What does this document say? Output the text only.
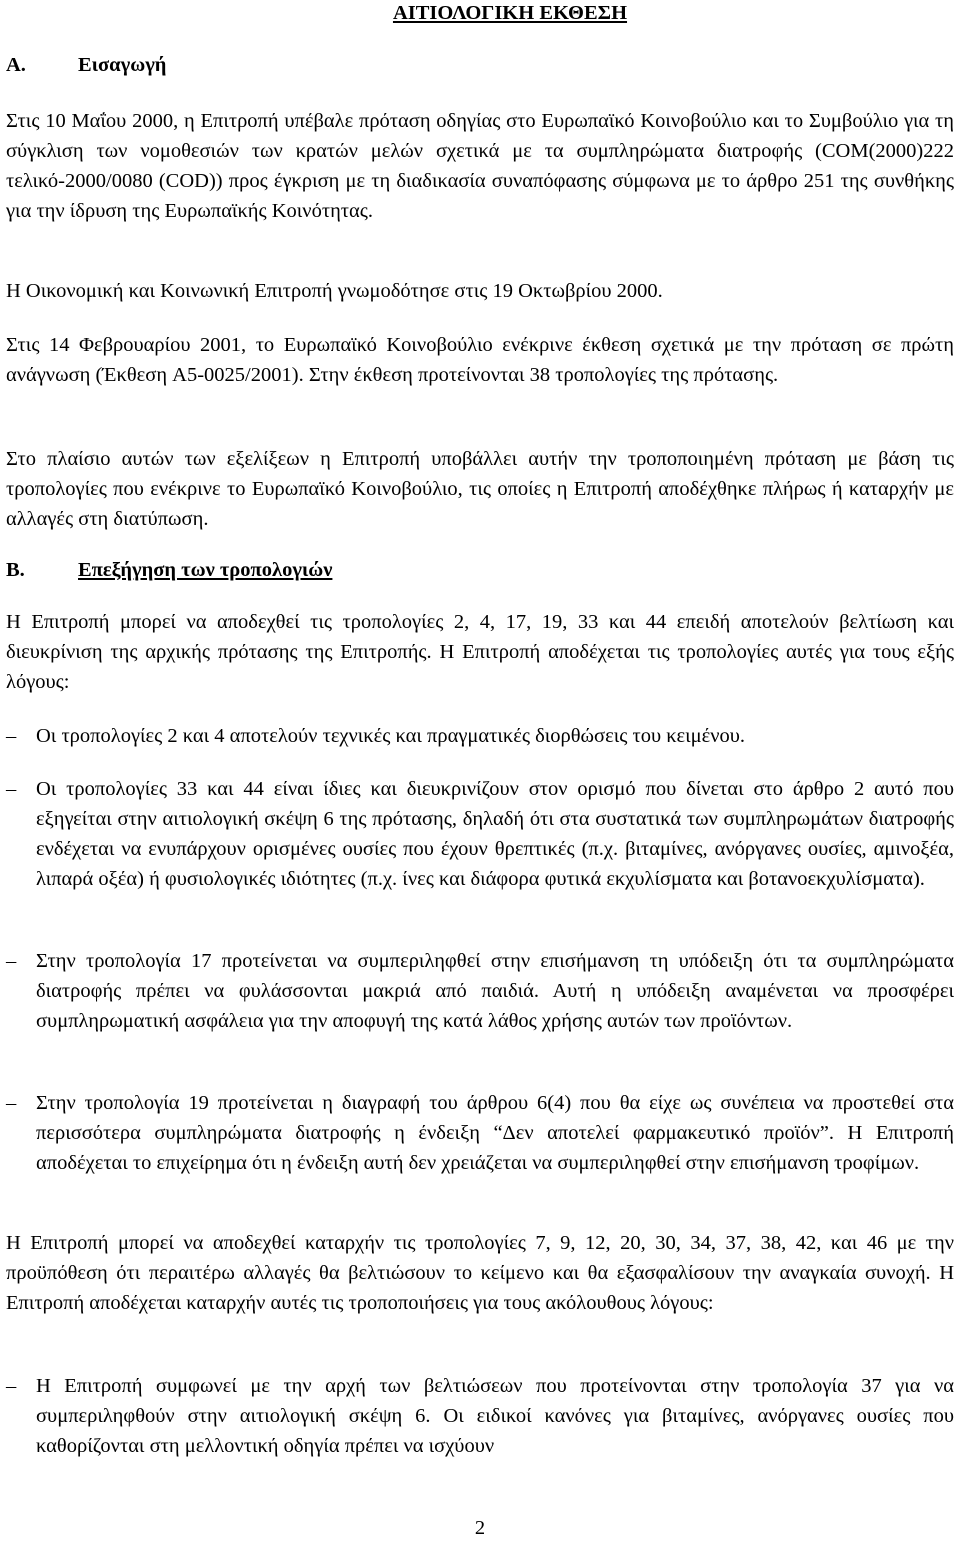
ΑΙΤΙΟΛΟΓΙΚΗ ΕΚΘΕΣΗ
A.	Εισαγωγή

Στις 10 Μαΐου 2000, η Επιτροπή υπέβαλε πρόταση οδηγίας στο Ευρωπαϊκό Κοινοβούλιο και το Συμβούλιο για τη σύγκλιση των νομοθεσιών των κρατών μελών σχετικά με τα συμπληρώματα διατροφής (COM(2000)222 τελικό-2000/0080 (COD)) προς έγκριση με τη διαδικασία συναπόφασης σύμφωνα με το άρθρο 251 της συνθήκης για την ίδρυση της Ευρωπαϊκής Κοινότητας.

Η Οικονομική και Κοινωνική Επιτροπή γνωμοδότησε στις 19 Οκτωβρίου 2000.

Στις 14 Φεβρουαρίου 2001, το Ευρωπαϊκό Κοινοβούλιο ενέκρινε έκθεση σχετικά με την πρόταση σε πρώτη ανάγνωση (Έκθεση A5-0025/2001). Στην έκθεση προτείνονται 38 τροπολογίες της πρότασης.

Στο πλαίσιο αυτών των εξελίξεων η Επιτροπή υποβάλλει αυτήν την τροποποιημένη πρόταση με βάση τις τροπολογίες που ενέκρινε το Ευρωπαϊκό Κοινοβούλιο, τις οποίες η Επιτροπή αποδέχθηκε πλήρως ή καταρχήν με αλλαγές στη διατύπωση.

B.	Επεξήγηση των τροπολογιών

Η Επιτροπή μπορεί να αποδεχθεί τις τροπολογίες 2, 4, 17, 19, 33 και 44 επειδή αποτελούν βελτίωση και διευκρίνιση της αρχικής πρότασης της Επιτροπής. Η Επιτροπή αποδέχεται τις τροπολογίες αυτές για τους εξής λόγους:

– Οι τροπολογίες 2 και 4 αποτελούν τεχνικές και πραγματικές διορθώσεις του κειμένου.

– Οι τροπολογίες 33 και 44 είναι ίδιες και διευκρινίζουν στον ορισμό που δίνεται στο άρθρο 2 αυτό που εξηγείται στην αιτιολογική σκέψη 6 της πρότασης, δηλαδή ότι στα συστατικά των συμπληρωμάτων διατροφής ενδέχεται να ενυπάρχουν ορισμένες ουσίες που έχουν θρεπτικές (π.χ. βιταμίνες, ανόργανες ουσίες, αμινοξέα, λιπαρά οξέα) ή φυσιολογικές ιδιότητες (π.χ. ίνες και διάφορα φυτικά εκχυλίσματα και βοτανοεκχυλίσματα).

– Στην τροπολογία 17 προτείνεται να συμπεριληφθεί στην επισήμανση τη υπόδειξη ότι τα συμπληρώματα διατροφής πρέπει να φυλάσσονται μακριά από παιδιά. Αυτή η υπόδειξη αναμένεται να προσφέρει συμπληρωματική ασφάλεια για την αποφυγή της κατά λάθος χρήσης αυτών των προϊόντων.

– Στην τροπολογία 19 προτείνεται η διαγραφή του άρθρου 6(4) που θα είχε ως συνέπεια να προστεθεί στα περισσότερα συμπληρώματα διατροφής η ένδειξη “Δεν αποτελεί φαρμακευτικό προϊόν”. Η Επιτροπή αποδέχεται το επιχείρημα ότι η ένδειξη αυτή δεν χρειάζεται να συμπεριληφθεί στην επισήμανση τροφίμων.

Η Επιτροπή μπορεί να αποδεχθεί καταρχήν τις τροπολογίες 7, 9, 12, 20, 30, 34, 37, 38, 42, και 46 με την προϋπόθεση ότι περαιτέρω αλλαγές θα βελτιώσουν το κείμενο και θα εξασφαλίσουν την αναγκαία συνοχή. Η Επιτροπή αποδέχεται καταρχήν αυτές τις τροποποιήσεις για τους ακόλουθους λόγους:

– Η Επιτροπή συμφωνεί με την αρχή των βελτιώσεων που προτείνονται στην τροπολογία 37 για να συμπεριληφθούν στην αιτιολογική σκέψη 6. Οι ειδικοί κανόνες για βιταμίνες, ανόργανες ουσίες που καθορίζονται στη μελλοντική οδηγία πρέπει να ισχύουν

2
